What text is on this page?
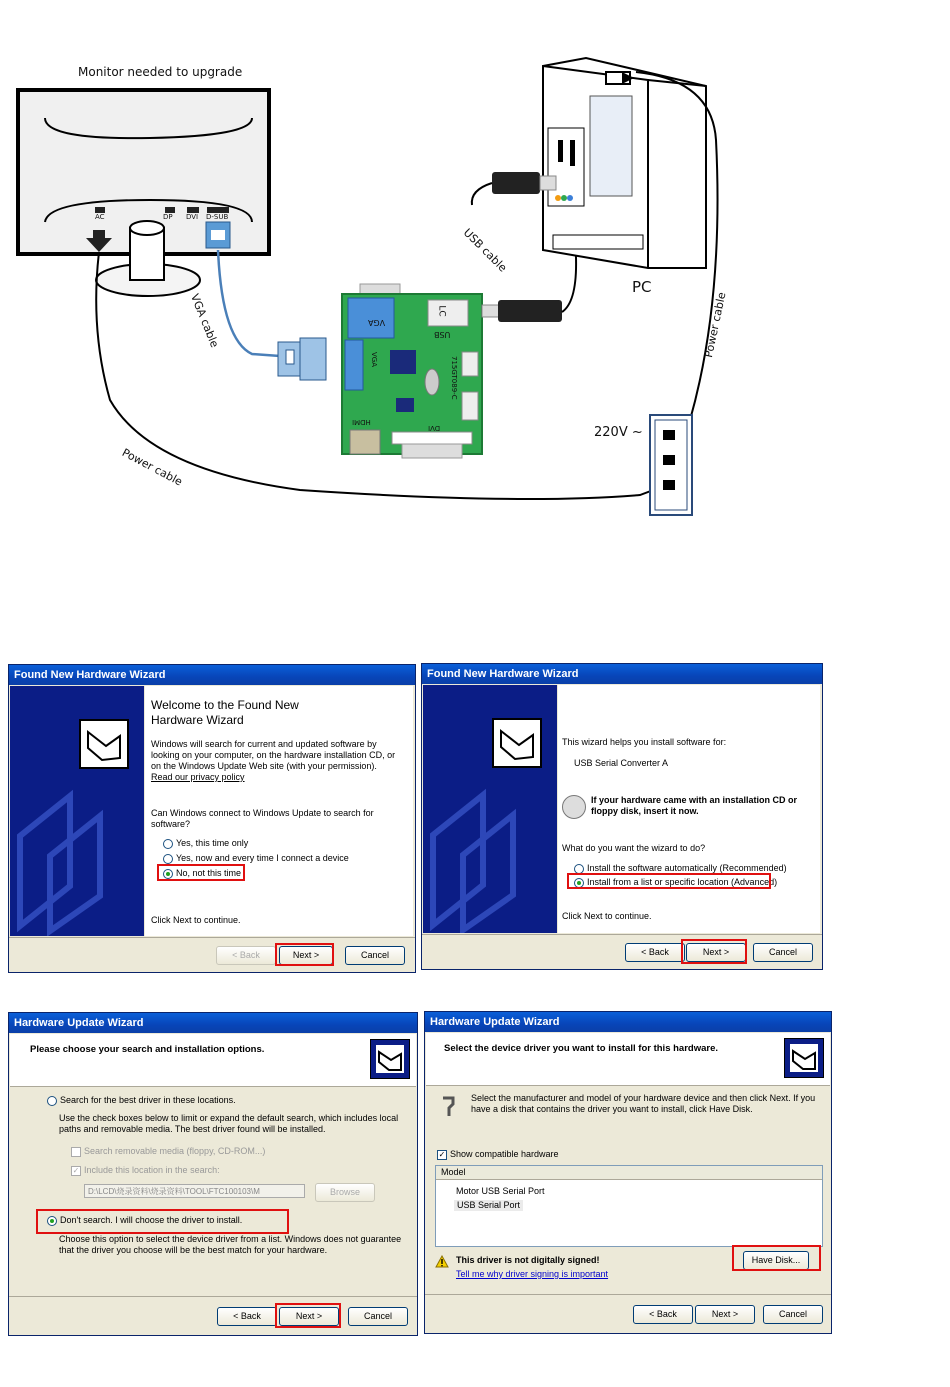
Monitor needed to upgrade
AC	DP DVI D-SUB
VGA cable
USB cable
Power cable
Power cable
PC
220V ~
VGA
USB
LC
VGA	715GT089-C
HDMI
DVI
Found New Hardware Wizard
Welcome to the Found New Hardware Wizard
Windows will search for current and updated software by looking on your computer, on the hardware installation CD, or on the Windows Update Web site (with your permission).
Read our privacy policy
Can Windows connect to Windows Update to search for software?
Yes, this time only
Yes, now and every time I connect a device
No, not this time
Click Next to continue.
< Back	Next >	Cancel
Found New Hardware Wizard
This wizard helps you install software for:
USB Serial Converter A
If your hardware came with an installation CD or floppy disk, insert it now.
What do you want the wizard to do?
Install the software automatically (Recommended)
Install from a list or specific location (Advanced)
Click Next to continue.
< Back	Next >	Cancel
Hardware Update Wizard
Please choose your search and installation options.
Search for the best driver in these locations.
Use the check boxes below to limit or expand the default search, which includes local paths and removable media. The best driver found will be installed.
Search removable media (floppy, CD-ROM...)
✓ Include this location in the search:
D:\LCD\烧录资料\烧录资料\TOOL\FTC100103\M	Browse
Don't search. I will choose the driver to install.
Choose this option to select the device driver from a list. Windows does not guarantee that the driver you choose will be the best match for your hardware.
< Back	Next >	Cancel
Hardware Update Wizard
Select the device driver you want to install for this hardware.
Select the manufacturer and model of your hardware device and then click Next. If you have a disk that contains the driver you want to install, click Have Disk.
✓ Show compatible hardware
Model
Motor USB Serial Port
USB Serial Port
This driver is not digitally signed!
Tell me why driver signing is important
Have Disk...
< Back	Next >	Cancel
